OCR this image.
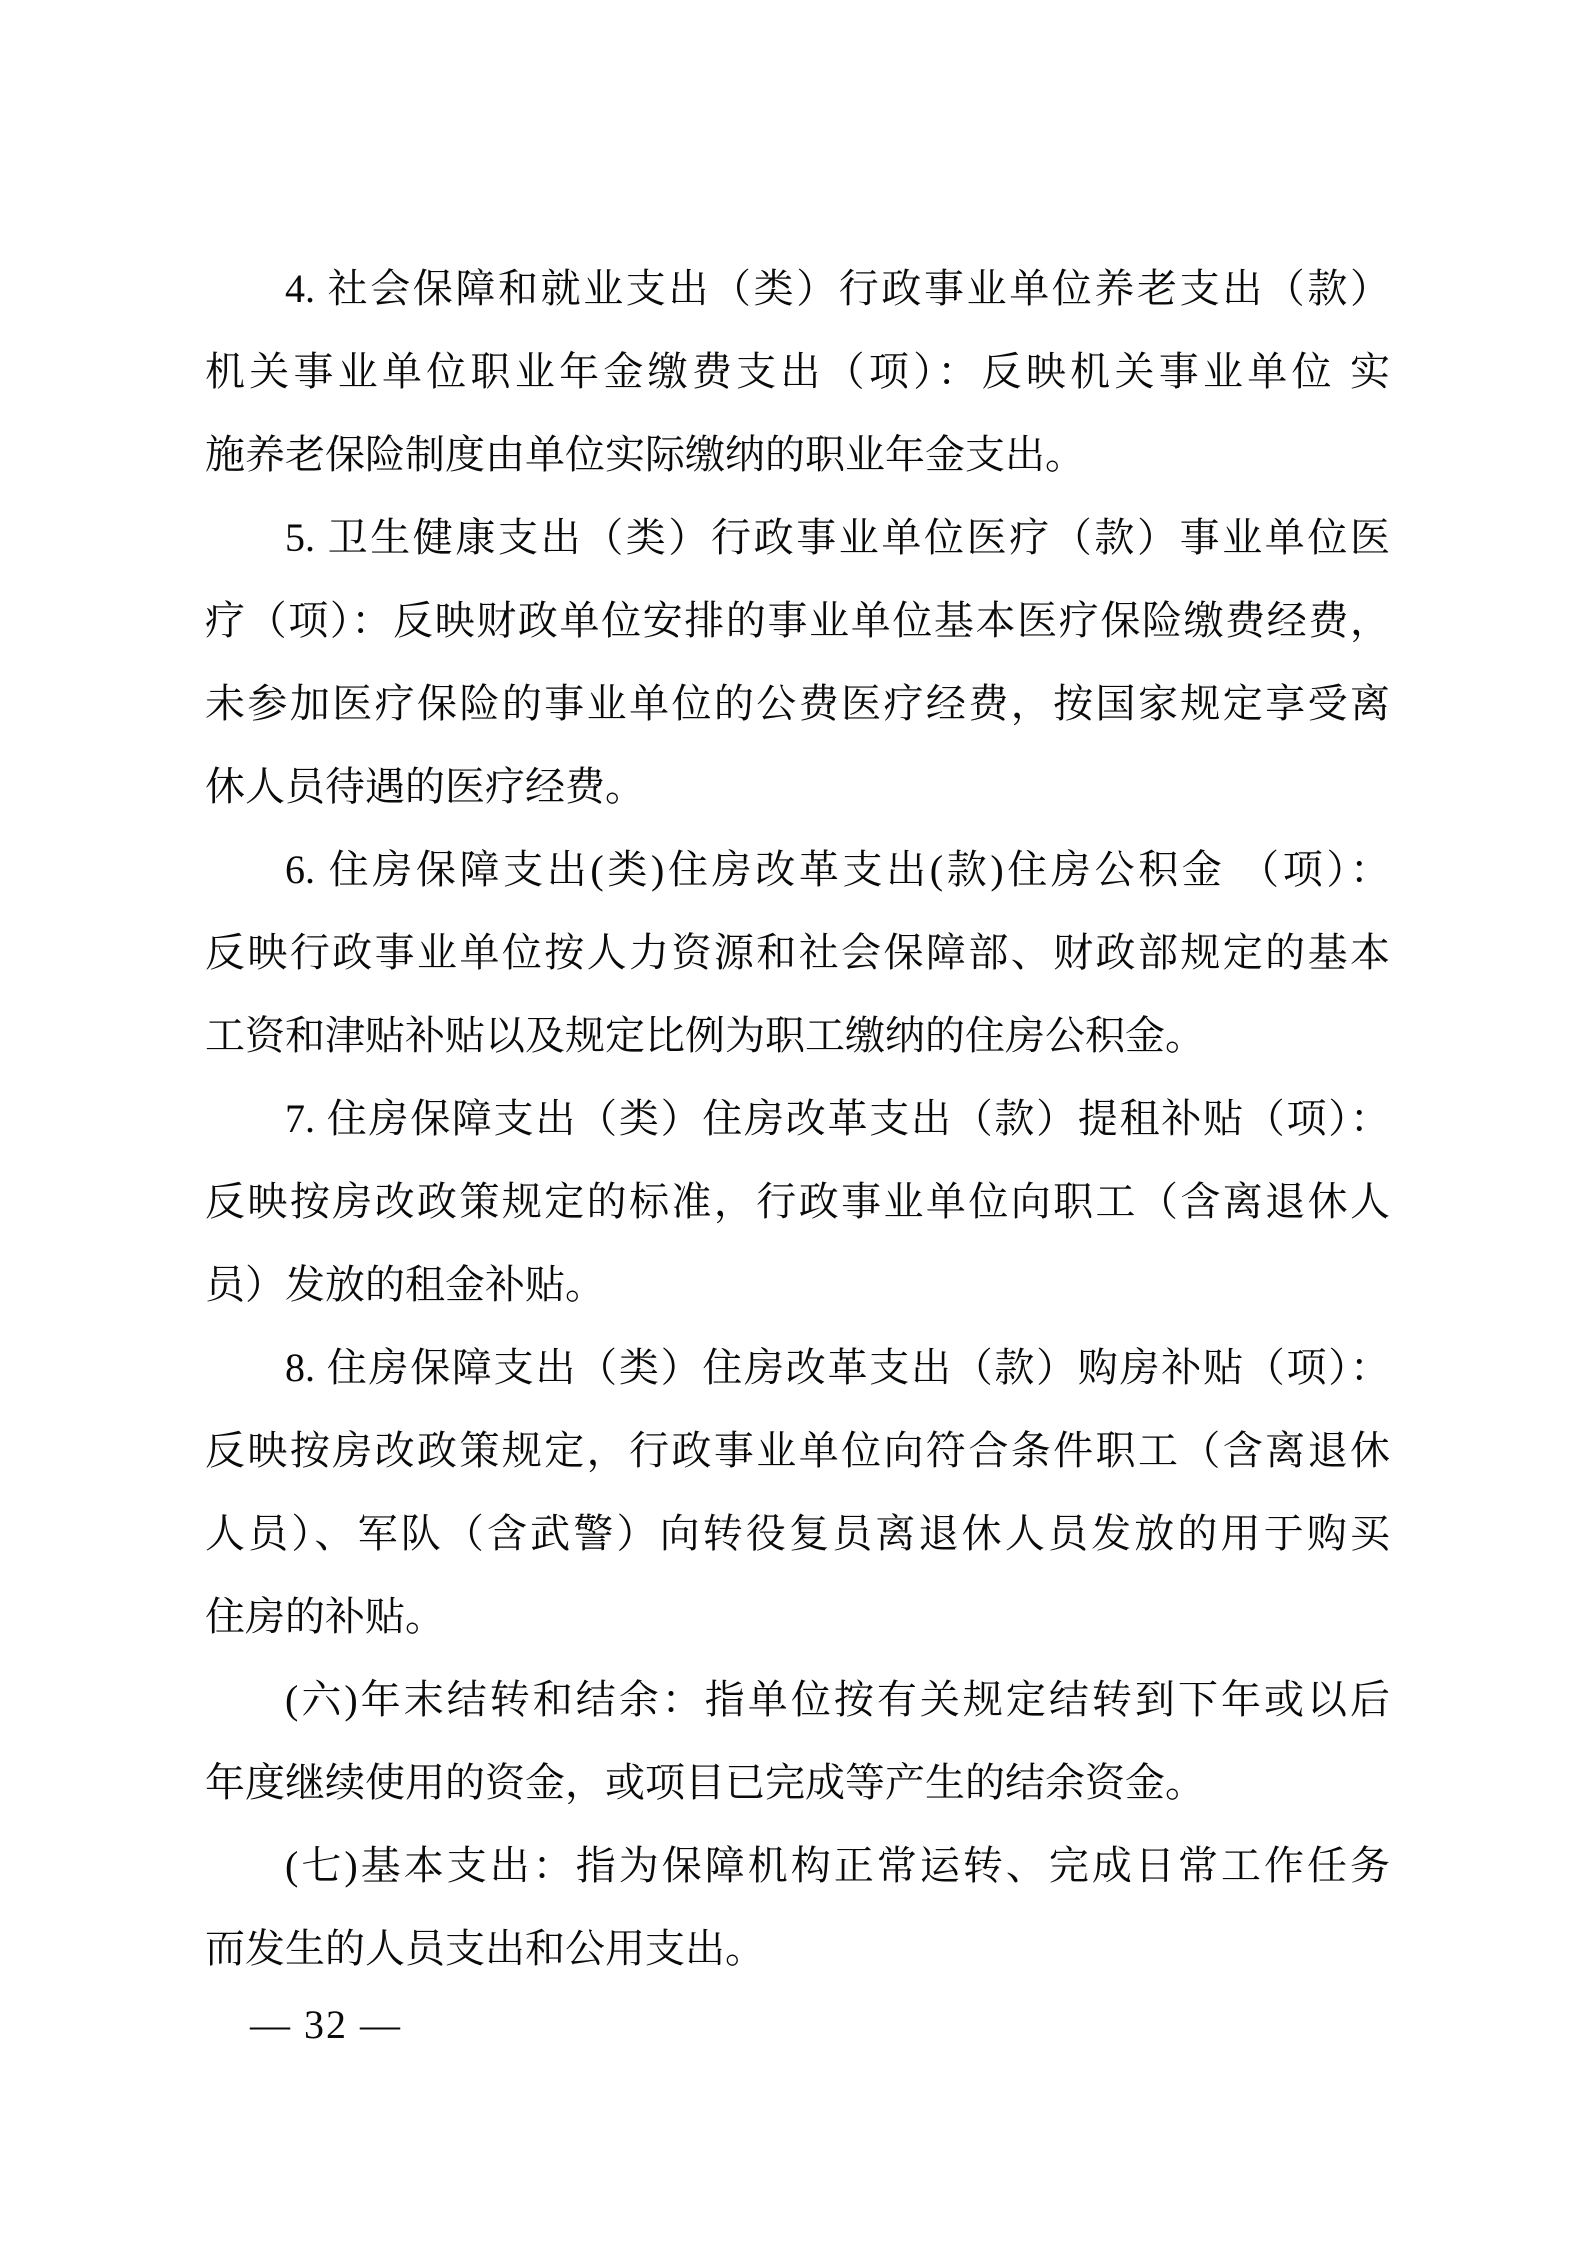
4. 社会保障和就业支出（类）行政事业单位养老支出（款）
机关事业单位职业年金缴费支出（项）：反映机关事业单位 实
施养老保险制度由单位实际缴纳的职业年金支出。
5. 卫生健康支出（类）行政事业单位医疗（款）事业单位医
疗（项）：反映财政单位安排的事业单位基本医疗保险缴费经费，
未参加医疗保险的事业单位的公费医疗经费，按国家规定享受离
休人员待遇的医疗经费。
6. 住房保障支出(类)住房改革支出(款)住房公积金 （项）：
反映行政事业单位按人力资源和社会保障部、财政部规定的基本
工资和津贴补贴以及规定比例为职工缴纳的住房公积金。
7. 住房保障支出（类）住房改革支出（款）提租补贴（项）：
反映按房改政策规定的标准，行政事业单位向职工（含离退休人
员）发放的租金补贴。
8. 住房保障支出（类）住房改革支出（款）购房补贴（项）：
反映按房改政策规定，行政事业单位向符合条件职工（含离退休
人员）、军队（含武警）向转役复员离退休人员发放的用于购买
住房的补贴。
(六)年末结转和结余：指单位按有关规定结转到下年或以后
年度继续使用的资金，或项目已完成等产生的结余资金。
(七)基本支出：指为保障机构正常运转、完成日常工作任务
而发生的人员支出和公用支出。
— 32 —
